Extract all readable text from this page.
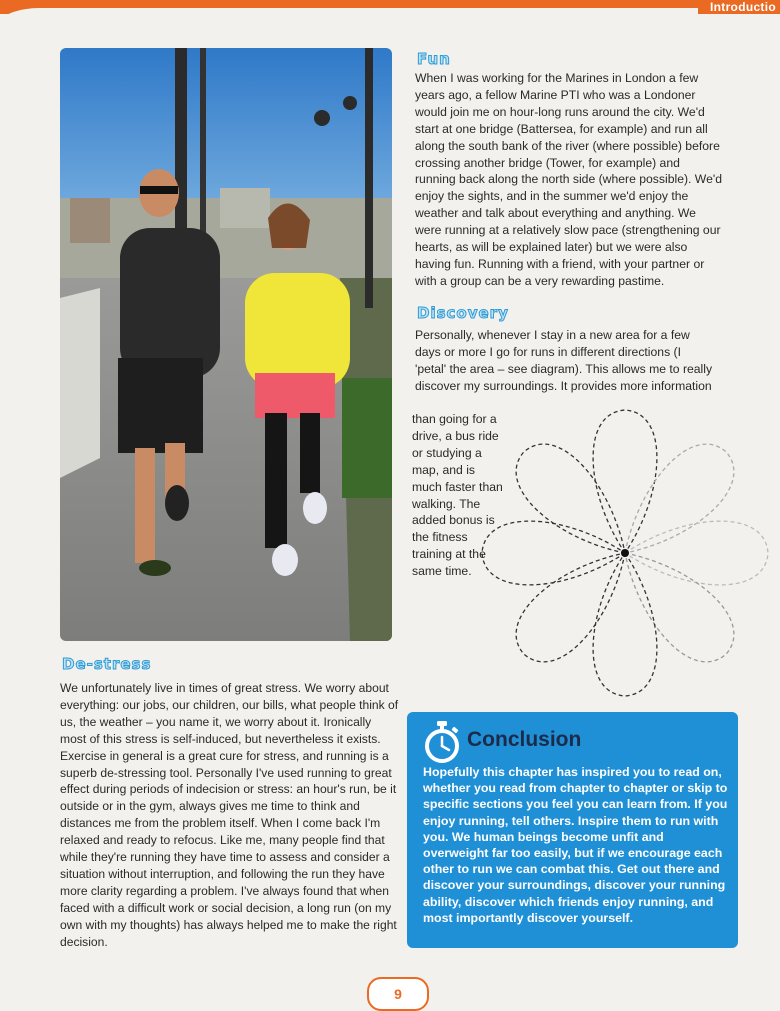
Introductio
Fun

When I was working for the Marines in London a few years ago, a fellow Marine PTI who was a Londoner would join me on hour-long runs around the city. We'd start at one bridge (Battersea, for example) and run all along the south bank of the river (where possible) before crossing another bridge (Tower, for example) and running back along the north side (where possible). We'd enjoy the sights, and in the summer we'd enjoy the weather and talk about everything and anything. We were running at a relatively slow pace (strengthening our hearts, as will be explained later) but we were also having fun. Running with a friend, with your partner or with a group can be a very rewarding pastime.

Discovery

Personally, whenever I stay in a new area for a few days or more I go for runs in different directions (I 'petal' the area – see diagram). This allows me to really discover my surroundings. It provides more information

than going for a drive, a bus ride or studying a map, and is much faster than walking. The added bonus is the fitness training at the same time.

De-stress

We unfortunately live in times of great stress. We worry about everything: our jobs, our children, our bills, what people think of us, the weather – you name it, we worry about it. Ironically most of this stress is self-induced, but nevertheless it exists. Exercise in general is a great cure for stress, and running is a superb de-stressing tool. Personally I've used running to great effect during periods of indecision or stress: an hour's run, be it outside or in the gym, always gives me time to think and distances me from the problem itself. When I come back I'm relaxed and ready to refocus. Like me, many people find that while they're running they have time to assess and consider a situation without interruption, and following the run they have more clarity regarding a problem. I've always found that when faced with a difficult work or social decision, a long run (on my own with my thoughts) has always helped me to make the right decision.

Conclusion

Hopefully this chapter has inspired you to read on, whether you read from chapter to chapter or skip to specific sections you feel you can learn from. If you enjoy running, tell others. Inspire them to run with you. We human beings become unfit and overweight far too easily, but if we encourage each other to run we can combat this. Get out there and discover your surroundings, discover your running ability, discover which friends enjoy running, and most importantly discover yourself.

9
